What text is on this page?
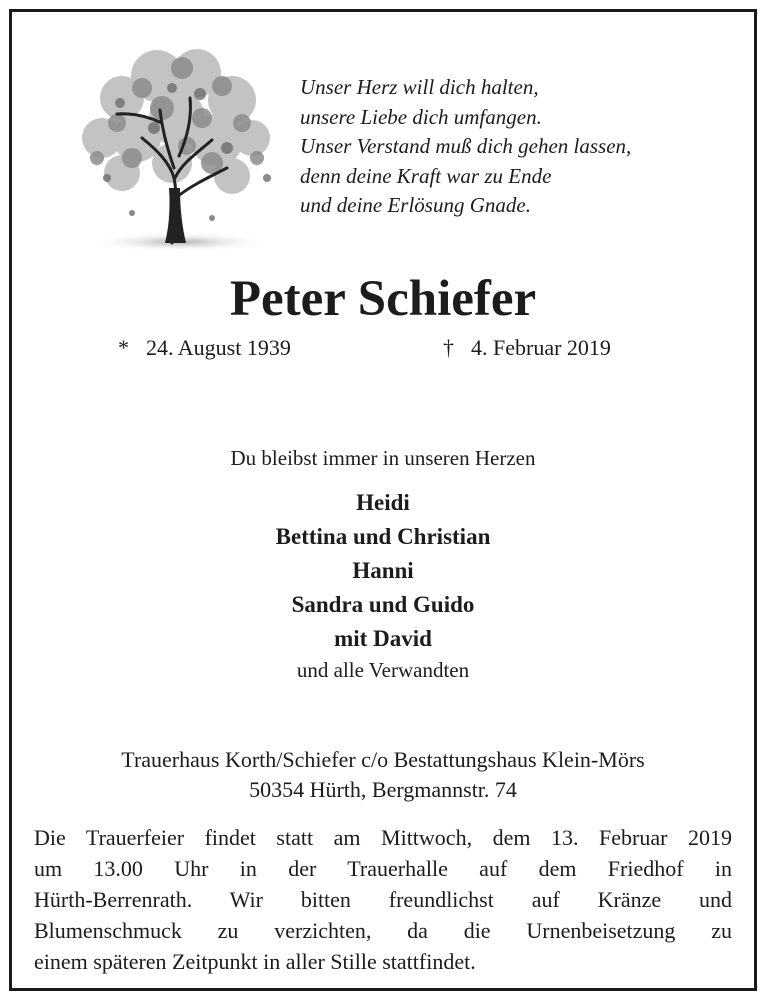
Unser Herz will dich halten,
unsere Liebe dich umfangen.
Unser Verstand muß dich gehen lassen,
denn deine Kraft war zu Ende
und deine Erlösung Gnade.
Peter Schiefer
* 24. August 1939	† 4. Februar 2019
Du bleibst immer in unseren Herzen
Heidi
Bettina und Christian
Hanni
Sandra und Guido
mit David
und alle Verwandten
Trauerhaus Korth/Schiefer c/o Bestattungshaus Klein-Mörs
50354 Hürth, Bergmannstr. 74
Die Trauerfeier findet statt am Mittwoch, dem 13. Februar 2019
um 13.00 Uhr in der Trauerhalle auf dem Friedhof in
Hürth-Berrenrath. Wir bitten freundlichst auf Kränze und
Blumenschmuck zu verzichten, da die Urnenbeisetzung zu
einem späteren Zeitpunkt in aller Stille stattfindet.
